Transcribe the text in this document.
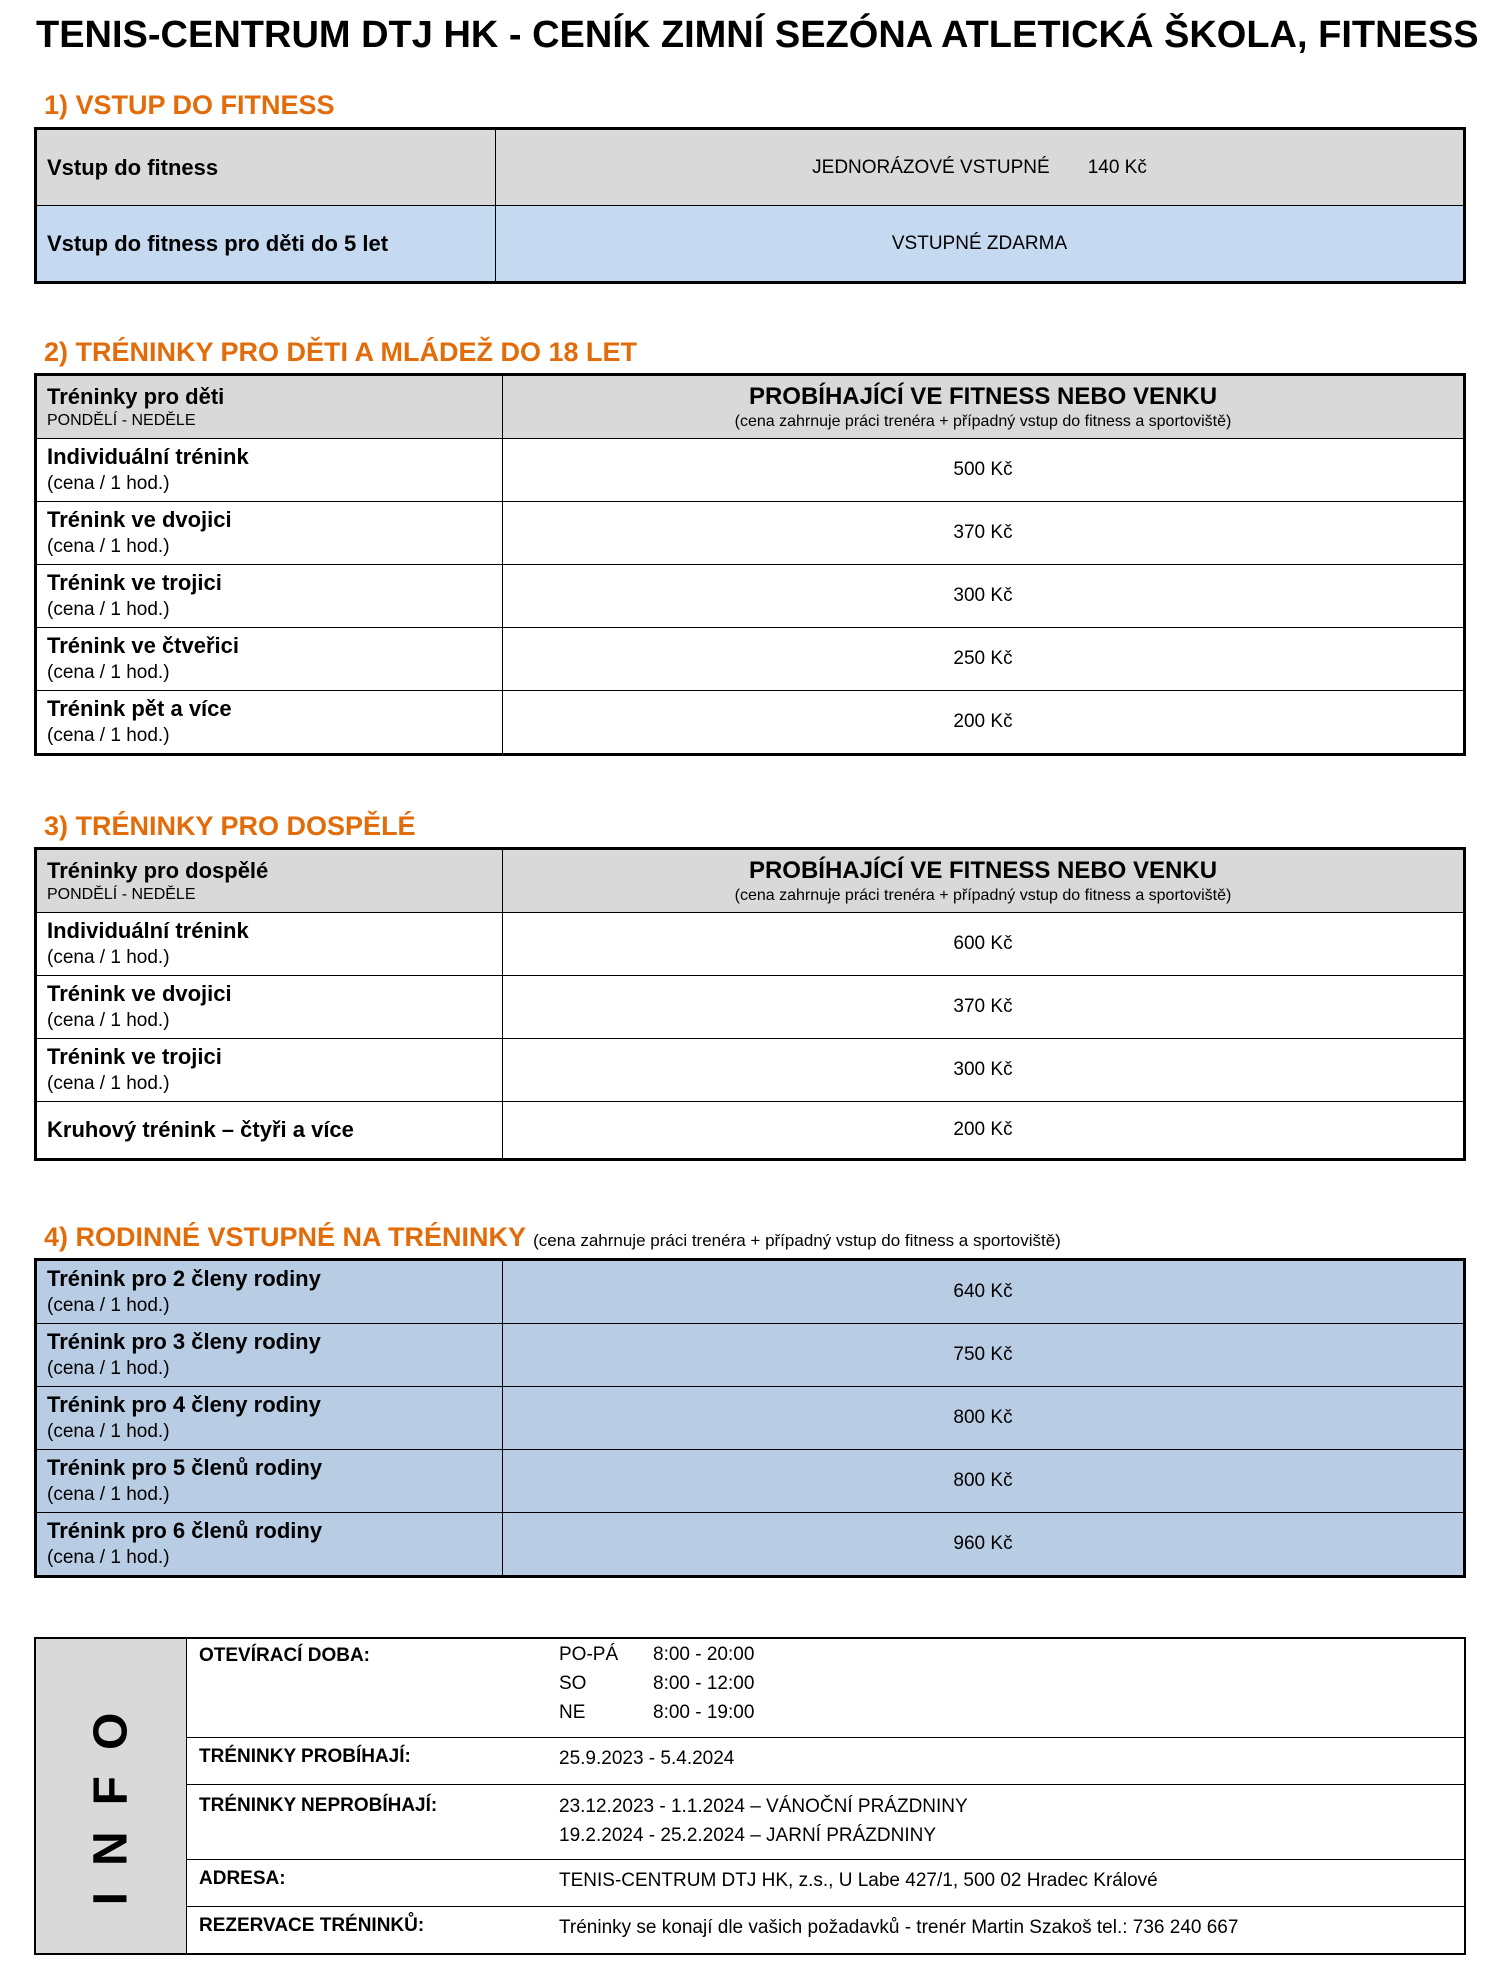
TENIS-CENTRUM DTJ HK - CENÍK ZIMNÍ SEZÓNA ATLETICKÁ ŠKOLA, FITNESS
1) VSTUP DO FITNESS
Vstup do fitness	JEDNORÁZOVÉ VSTUPNÉ 140 Kč

Vstup do fitness pro děti do 5 let	VSTUPNÉ ZDARMA
2) TRÉNINKY PRO DĚTI A MLÁDEŽ DO 18 LET
Tréninky pro děti
PONDĚLÍ - NEDĚLE	PROBÍHAJÍCÍ VE FITNESS NEBO VENKU
(cena zahrnuje práci trenéra + případný vstup do fitness a sportoviště)

Individuální trénink
(cena / 1 hod.)	500 Kč

Trénink ve dvojici
(cena / 1 hod.)	370 Kč

Trénink ve trojici
(cena / 1 hod.)	300 Kč

Trénink ve čtveřici
(cena / 1 hod.)	250 Kč

Trénink pět a více
(cena / 1 hod.)	200 Kč
3) TRÉNINKY PRO DOSPĚLÉ
Tréninky pro dospělé
PONDĚLÍ - NEDĚLE	PROBÍHAJÍCÍ VE FITNESS NEBO VENKU
(cena zahrnuje práci trenéra + případný vstup do fitness a sportoviště)

Individuální trénink
(cena / 1 hod.)	600 Kč

Trénink ve dvojici
(cena / 1 hod.)	370 Kč

Trénink ve trojici
(cena / 1 hod.)	300 Kč

Kruhový trénink – čtyři a více	200 Kč
4) RODINNÉ VSTUPNÉ NA TRÉNINKY (cena zahrnuje práci trenéra + případný vstup do fitness a sportoviště)
Trénink pro 2 členy rodiny
(cena / 1 hod.)	640 Kč

Trénink pro 3 členy rodiny
(cena / 1 hod.)	750 Kč

Trénink pro 4 členy rodiny
(cena / 1 hod.)	800 Kč

Trénink pro 5 členů rodiny
(cena / 1 hod.)	800 Kč

Trénink pro 6 členů rodiny
(cena / 1 hod.)	960 Kč
INFO
OTEVÍRACÍ DOBA:	PO-PÁ	8:00 - 20:00
SO	8:00 - 12:00
NE	8:00 - 19:00
TRÉNINKY PROBÍHAJÍ:	25.9.2023 - 5.4.2024
TRÉNINKY NEPROBÍHAJÍ:	23.12.2023 - 1.1.2024 – VÁNOČNÍ PRÁZDNINY
19.2.2024 - 25.2.2024 – JARNÍ PRÁZDNINY
ADRESA:	TENIS-CENTRUM DTJ HK, z.s., U Labe 427/1, 500 02 Hradec Králové
REZERVACE TRÉNINKŮ:	Tréninky se konají dle vašich požadavků - trenér Martin Szakoš tel.: 736 240 667
